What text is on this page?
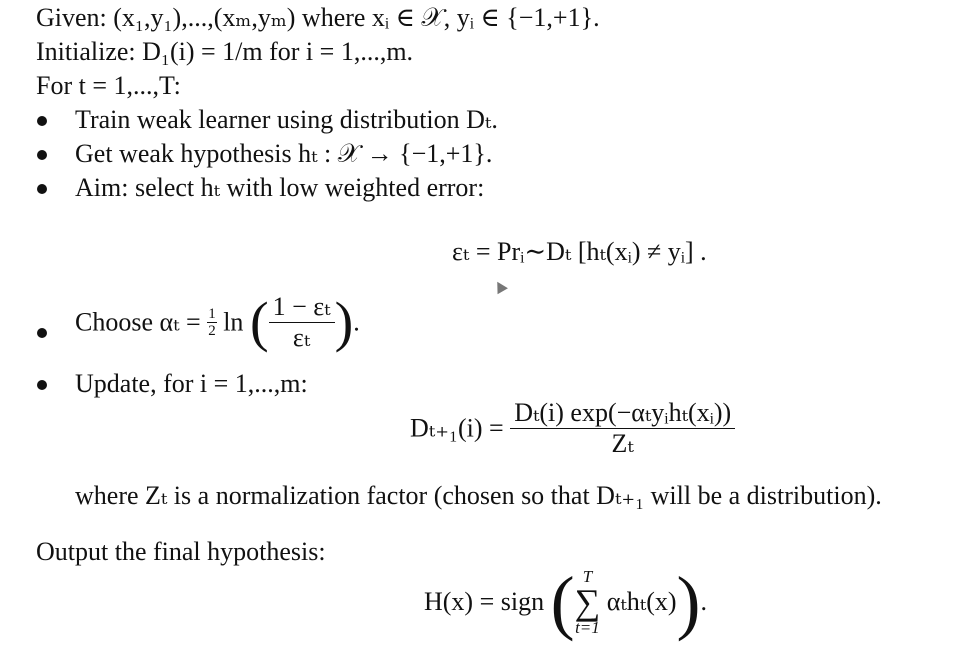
Given: (x₁,y₁),...,(xₘ,yₘ) where xᵢ ∈ 𝒳, yᵢ ∈ {−1,+1}.
Initialize: D₁(i) = 1/m for i = 1,...,m.
For t = 1,...,T:
Train weak learner using distribution Dₜ.
Get weak hypothesis hₜ : 𝒳 → {−1,+1}.
Aim: select hₜ with low weighted error:
εₜ = Prᵢ∼Dₜ [hₜ(xᵢ) ≠ yᵢ] .
Choose $\alpha_t = \frac{1}{2}$ ln ( $\frac{\text{1 − εₜ}}{\text{εₜ}}$ ).
Update, for i = 1,...,m:
$D_{t+1}(i) = \frac{\text{Dₜ(i) exp(−αₜyᵢhₜ(xᵢ))}}{\text{Zₜ}}$
where Zₜ is a normalization factor (chosen so that Dₜ₊₁ will be a distribution).
Output the final hypothesis:
H(x) = sign ( T
∑
t=1
αₜhₜ(x)).
